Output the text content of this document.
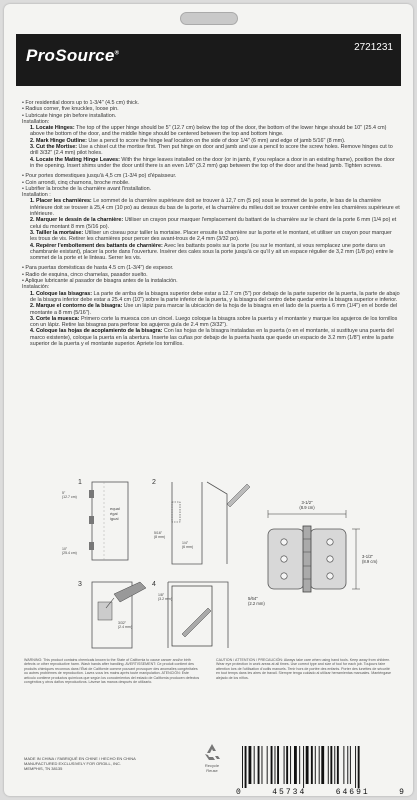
ProSource®
2721231

• For residential doors up to 1-3/4" (4.5 cm) thick.

• Radius corner, five knuckles, loose pin.

• Lubricate hinge pin before installation.

Installation:

1. Locate Hinges: The top of the upper hinge should be 5" (12.7 cm) below the top of the door, the bottom of the lower hinge should be 10" (25.4 cm) above the bottom of the door, and the middle hinge should be centered between the top and bottom hinge.

2. Mark Hinge Outline: Use a pencil to score the hinge leaf location on the side of door 1/4" (6 mm) and edge of jamb 5/16" (8 mm).

3. Cut the Mortise: Use a chisel cut the mortise first. Then put hinge on door and jamb and use a pencil to score the screw holes. Remove hinges cut to drill 3/32" (2.4 mm) pilot holes.

4. Locate the Mating Hinge Leaves: With the hinge leaves installed on the door (or in jamb, if you replace a door in an existing frame), position the door in the opening. Insert shims under the door until there is an even 1/8" (3.2 mm) gap between the top of the door and the head jamb. Tighten screws.

• Pour portes domestiques jusqu'à 4,5 cm (1-3/4 po) d'épaisseur.

• Coin arrondi, cinq charnons, broche mobile.

• Lubrifier la broche de la charnière avant l'installation.

Installation :

1. Placer les charnières: Le sommet de la charnière supérieure doit se trouver à 12,7 cm (5 po) sous le sommet de la porte, le bas de la charnière inférieure doit se trouver à 25,4 cm (10 po) au dessus du bas de la porte, et la charnière du milieu doit se trouver centrée entre les charnières supérieure et inférieure.

2. Marquer le dessin de la charnière: Utiliser un crayon pour marquer l'emplacement du battant de la charnière sur le chant de la porte 6 mm (1/4 po) et celui du montant 8 mm (5/16 po).

3. Tailler la mortaise: Utiliser un ciseau pour tailler la mortaise. Placer ensuite la charnière sur la porte et le montant, et utiliser un crayon pour marquer les trous de vis. Retirer les charnières pour percer des avant-trous de 2,4 mm (3/32 po).

4. Repérer l'emboîtement des battants de charnière: Avec les battants posés sur la porte (ou sur le montant, si vous remplacez une porte dans un chambranle existant), placer la porte dans l'ouverture. Insérer des cales sous la porte jusqu'à ce qu'il y ait un espace régulier de 3,2 mm (1/8 po) entre le sommet de la porte et le linteau. Serrer les vis.

• Para puertas domésticas de hasta 4.5 cm (1-3/4") de espesor.

• Radio de esquina, cinco charnelas, pasador suelto.

• Aplique lubricante al pasador de bisagra antes de la instalación.

Instalación:

1. Coloque las bisagras: La parte de arriba de la bisagra superior debe estar a 12.7 cm (5") por debajo de la parte superior de la puerta, la parte de abajo de la bisagra inferior debe estar a 25.4 cm (10") sobre la parte inferior de la puerta, y la bisagra del centro debe quedar entre la bisagra superior e inferior.

2. Marque el contorno de la bisagra: Use un lápiz para marcar la ubicación de la hoja de la bisagra en el lado de la puerta a 6 mm (1/4") en el borde del montante a 8 mm (5/16").

3. Corte la muesca: Primero corte la muesca con un cincel. Luego coloque la bisagra sobre la puerta y el montante y marque los agujeros de los tornillos con un lápiz. Retire las bisagras para perforar los agujeros guía de 2.4 mm (3/32").

4. Coloque las hojas de acoplamiento de la bisagra: Con las hojas de la bisagra instaladas en la puerta (o en el montante, si sustituye una puerta del marco existente), coloque la puerta en la abertura. Inserte las cuñas por debajo de la puerta hasta que quede un espacio de 3.2 mm (1/8") entre la parte superior de la puerta y el montante superior. Apriete los tornillos.

1
5" (12.7 cm)
equal égal igual
10" (25.4 cm)
2
5/16" (8 mm)
1/4" (6 mm)
3
3/32" (2.4 mm)
4
1/8" (3.2 mm)
3-1/2" (8.9 cm)
3-1/2" (8.9 cm)
5/64" (2.2 mm)
WARNING: This product contains chemicals known to the State of California to cause cancer and/or birth defects or other reproductive harm. Wash hands after handling. AVERTISSEMENT: Ce produit contient des produits chimiques reconnus dans l'État de Californie comme pouvant provoquer des anomalies congénitales ou autres problèmes de reproduction. Lavez-vous les mains après toute manipulation. ATENCIÓN: Este artículo contiene productos químicos que según los conocimientos del estado de California producen defectos congénitos y otros daños reproductivos. Lávese las manos después de utilizarlo.
CAUTION / ATTENTION / PRECAUCIÓN: Always take care when using hand tools. Keep away from children. Wear eye protection in work areas at all times. Use correct type and size of tool for each job. Toujours faire attention lors de l'utilisation d'outils manuels. Tenir hors de portée des enfants. Porter des lunettes de sécurité en tout temps dans les aires de travail. Siempre tenga cuidado al utilizar herramientas manuales. Manténgase alejado de los niños.
MADE IN CHINA / FABRIQUÉ EN CHINE / HECHO EN CHINA
MANUFACTURED EXCLUSIVELY FOR ORGILL, INC.
MEMPHIS, TN 38135
Recycle
Reuse
0	45734	64691	9
